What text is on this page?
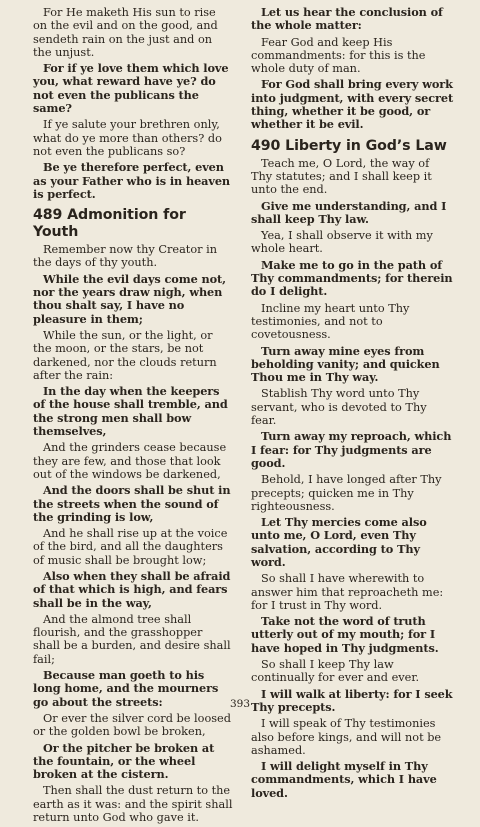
For He maketh His sun to rise on the evil and on the good, and sendeth rain on the just and on the unjust.

For if ye love them which love you, what reward have ye? do not even the publicans the same?

If ye salute your brethren only, what do ye more than others? do not even the publicans so?

Be ye therefore perfect, even as your Father who is in heaven is perfect.

489 Admonition for Youth

Remember now thy Creator in the days of thy youth.

While the evil days come not, nor the years draw nigh, when thou shalt say, I have no pleasure in them;

While the sun, or the light, or the moon, or the stars, be not darkened, nor the clouds return after the rain:

In the day when the keepers of the house shall tremble, and the strong men shall bow themselves,

And the grinders cease because they are few, and those that look out of the windows be darkened,

And the doors shall be shut in the streets when the sound of the grinding is low,

And he shall rise up at the voice of the bird, and all the daughters of music shall be brought low;

Also when they shall be afraid of that which is high, and fears shall be in the way,

And the almond tree shall flourish, and the grasshopper shall be a burden, and desire shall fail;

Because man goeth to his long home, and the mourners go about the streets:

Or ever the silver cord be loosed or the golden bowl be broken,

Or the pitcher be broken at the fountain, or the wheel broken at the cistern.

Then shall the dust return to the earth as it was: and the spirit shall return unto God who gave it.

Let us hear the conclusion of the whole matter:

Fear God and keep His commandments: for this is the whole duty of man.

For God shall bring every work into judgment, with every secret thing, whether it be good, or whether it be evil.

490 Liberty in God’s Law

Teach me, O Lord, the way of Thy statutes; and I shall keep it unto the end.

Give me understanding, and I shall keep Thy law.

Yea, I shall observe it with my whole heart.

Make me to go in the path of Thy commandments; for therein do I delight.

Incline my heart unto Thy testimonies, and not to covetousness.

Turn away mine eyes from beholding vanity; and quicken Thou me in Thy way.

Stablish Thy word unto Thy servant, who is devoted to Thy fear.

Turn away my reproach, which I fear: for Thy judgments are good.

Behold, I have longed after Thy precepts; quicken me in Thy righteousness.

Let Thy mercies come also unto me, O Lord, even Thy salvation, according to Thy word.

So shall I have wherewith to answer him that reproacheth me: for I trust in Thy word.

Take not the word of truth utterly out of my mouth; for I have hoped in Thy judgments.

So shall I keep Thy law continually for ever and ever.

I will walk at liberty: for I seek Thy precepts.

I will speak of Thy testimonies also before kings, and will not be ashamed.

I will delight myself in Thy commandments, which I have loved.

393
